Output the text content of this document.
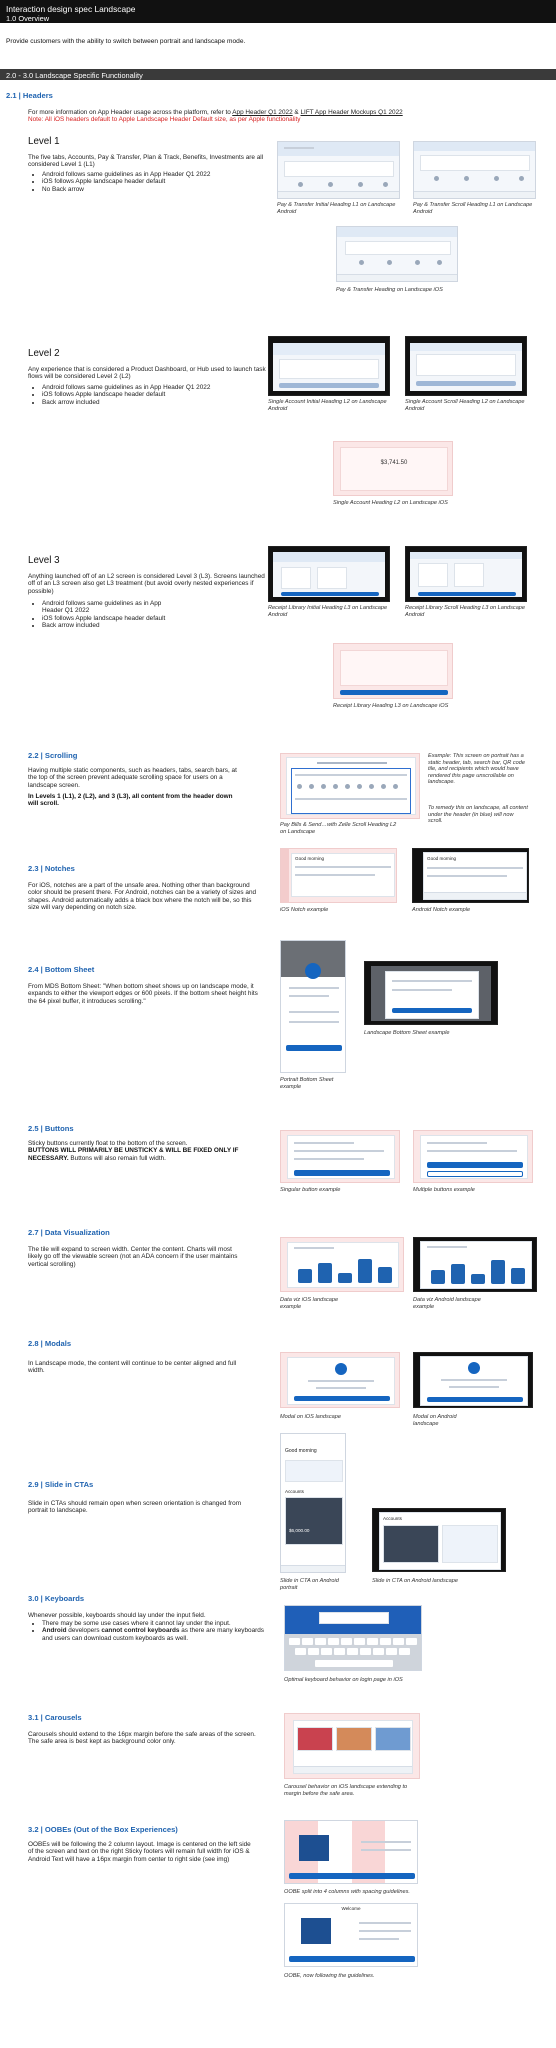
Interaction design spec Landscape
1.0 Overview
Provide customers with the ability to switch between portrait and landscape mode.
2.0 - 3.0 Landscape Specific Functionality
2.1 | Headers
For more information on App Header usage across the platform, refer to App Header Q1 2022 & LIFT App Header Mockups Q1 2022
Note: All iOS headers default to Apple Landscape Header Default size, as per Apple functionality
Level 1
The five tabs, Accounts, Pay & Transfer, Plan & Track, Benefits, Investments are all considered Level 1 (L1)
• Android follows same guidelines as in App Header Q1 2022
• iOS follows Apple landscape header default
• No Back arrow
Pay & Transfer Initial Heading L1 on Landscape Android
Pay & Transfer Scroll Heading L1 on Landscape Android
Pay & Transfer Heading on Landscape iOS
Level 2
Any experience that is considered a Product Dashboard, or Hub used to launch task flows will be considered Level 2 (L2)
• Android follows same guidelines as in App Header Q1 2022
• iOS follows Apple landscape header default
• Back arrow included	Single Account Initial Heading L2 on Landscape Android
Single Account Scroll Heading L2 on Landscape Android
$3,741.50
Single Account Heading L2 on Landscape iOS
Level 3
Anything launched off of an L2 screen is considered Level 3 (L3). Screens launched off of an L3 screen also get L3 treatment (but avoid overly nested experiences if possible)
• Android follows same guidelines as in App Header Q1 2022
• iOS follows Apple landscape header default
• Back arrow included
Receipt Library Initial Heading L3 on Landscape Android
Receipt Library Scroll Heading L3 on Landscape Android
Receipt Library Heading L3 on Landscape iOS
2.2 | Scrolling
Having multiple static components, such as headers, tabs, search bars, at the top of the screen prevent adequate scrolling space for users on a landscape screen.
In Levels 1 (L1), 2 (L2), and 3 (L3), all content from the header down will scroll.
Pay Bills & Send…with Zelle Scroll Heading L2 on Landscape
Example: This screen on portrait has a static header, tab, search bar, QR code tile, and recipients which would have rendered this page unscrollable on landscape.
To remedy this on landscape, all content under the header (in blue) will now scroll.
2.3 | Notches
For iOS, notches are a part of the unsafe area. Nothing other than background color should be present there. For Android, notches can be a variety of sizes and shapes. Android automatically adds a black box where the notch will be, so this size will vary depending on notch size.
Good morning	Good morning
iOS Notch example	Android Notch example
2.4 | Bottom Sheet
From MDS Bottom Sheet: "When bottom sheet shows up on landscape mode, it expands to either the viewport edges or 600 pixels. If the bottom sheet height hits the 64 pixel buffer, it introduces scrolling."
Landscape Bottom Sheet example
Portrait Bottom Sheet example
2.5 | Buttons
Sticky buttons currently float to the bottom of the screen.
BUTTONS WILL PRIMARILY BE UNSTICKY & WILL BE FIXED ONLY IF NECESSARY. Buttons will also remain full width.
Singular button example	Multiple buttons example
2.7 | Data Visualization
The tile will expand to screen width. Center the content. Charts will most likely go off the viewable screen (not an ADA concern if the user maintains vertical scrolling)
Data viz iOS landscape example
Data viz Android landscape example
2.8 | Modals
In Landscape mode, the content will continue to be center aligned and full width.
Modal on iOS landscape	Modal on Android landscape
2.9 | Slide in CTAs
Slide in CTAs should remain open when screen orientation is changed from portrait to landscape.
Good morning
Accounts
$6,000.00
Accounts
Slide in CTA on Android portrait
Slide in CTA on Android landscape
3.0 | Keyboards
Whenever possible, keyboards should lay under the input field.
• There may be some use cases where it cannot lay under the input.
• Android developers cannot control keyboards as there are many keyboards and users can download custom keyboards as well.
Optimal keyboard behavior on login page in iOS
3.1 | Carousels
Carousels should extend to the 16px margin before the safe areas of the screen. The safe area is best kept as background color only.
Carousel behavior on iOS landscape extending to margin before the safe area.
3.2 | OOBEs (Out of the Box Experiences)
OOBEs will be following the 2 column layout. Image is centered on the left side of the screen and text on the right Sticky footers will remain full width for iOS & Android Text will have a 16px margin from center to right side (see img)
OOBE split into 4 columns with spacing guidelines.
Welcome
OOBE, now following the guidelines.
